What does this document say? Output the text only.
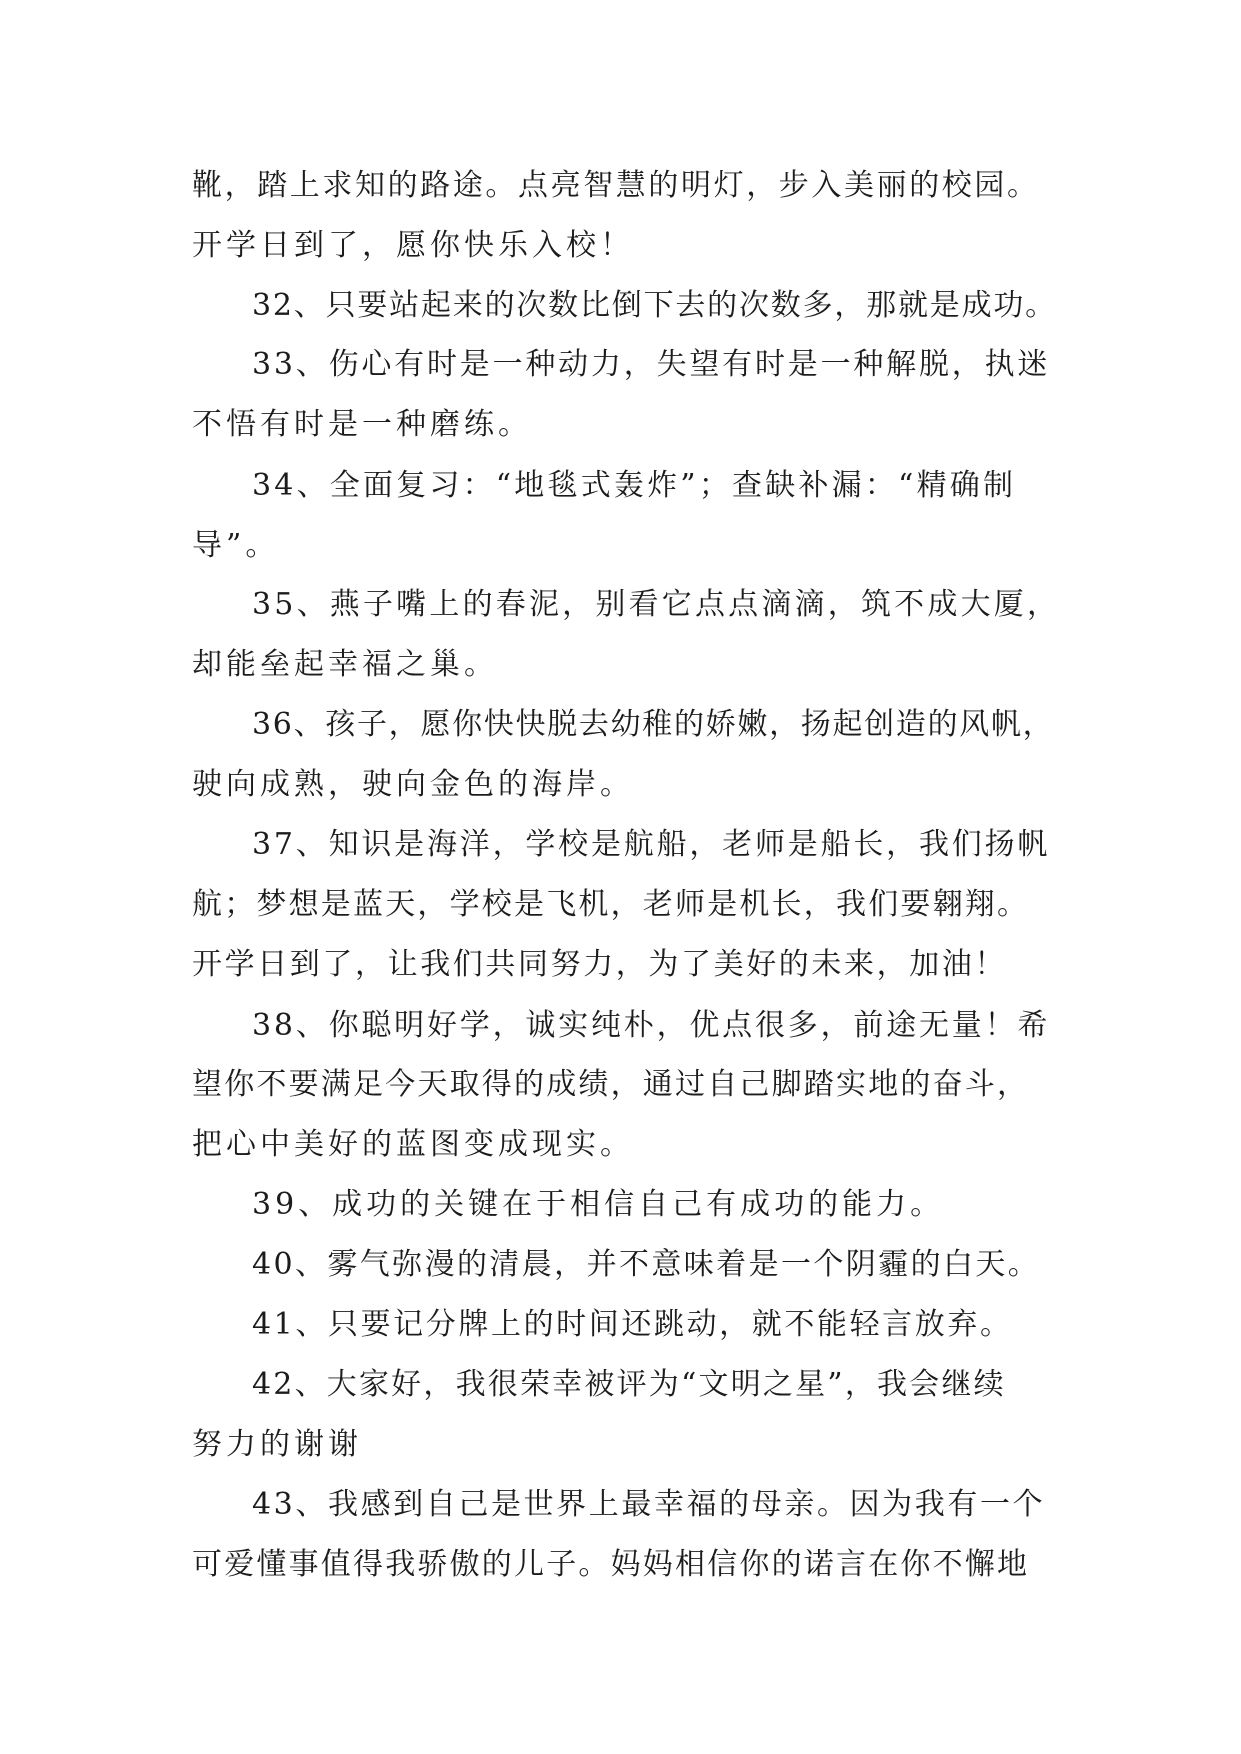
靴，踏上求知的路途。点亮智慧的明灯，步入美丽的校园。
开学日到了，愿你快乐入校！
32、只要站起来的次数比倒下去的次数多，那就是成功。
33、伤心有时是一种动力，失望有时是一种解脱，执迷
不悟有时是一种磨练。
34、全面复习：“地毯式轰炸”；查缺补漏：“精确制
导”。
35、燕子嘴上的春泥，别看它点点滴滴，筑不成大厦，
却能垒起幸福之巢。
36、孩子，愿你快快脱去幼稚的娇嫩，扬起创造的风帆，
驶向成熟，驶向金色的海岸。
37、知识是海洋，学校是航船，老师是船长，我们扬帆
航；梦想是蓝天，学校是飞机，老师是机长，我们要翱翔。
开学日到了，让我们共同努力，为了美好的未来，加油！
38、你聪明好学，诚实纯朴，优点很多，前途无量！希
望你不要满足今天取得的成绩，通过自己脚踏实地的奋斗，
把心中美好的蓝图变成现实。
39、成功的关键在于相信自己有成功的能力。
40、雾气弥漫的清晨，并不意味着是一个阴霾的白天。
41、只要记分牌上的时间还跳动，就不能轻言放弃。
42、大家好，我很荣幸被评为“文明之星”，我会继续
努力的谢谢
43、我感到自己是世界上最幸福的母亲。因为我有一个
可爱懂事值得我骄傲的儿子。妈妈相信你的诺言在你不懈地
